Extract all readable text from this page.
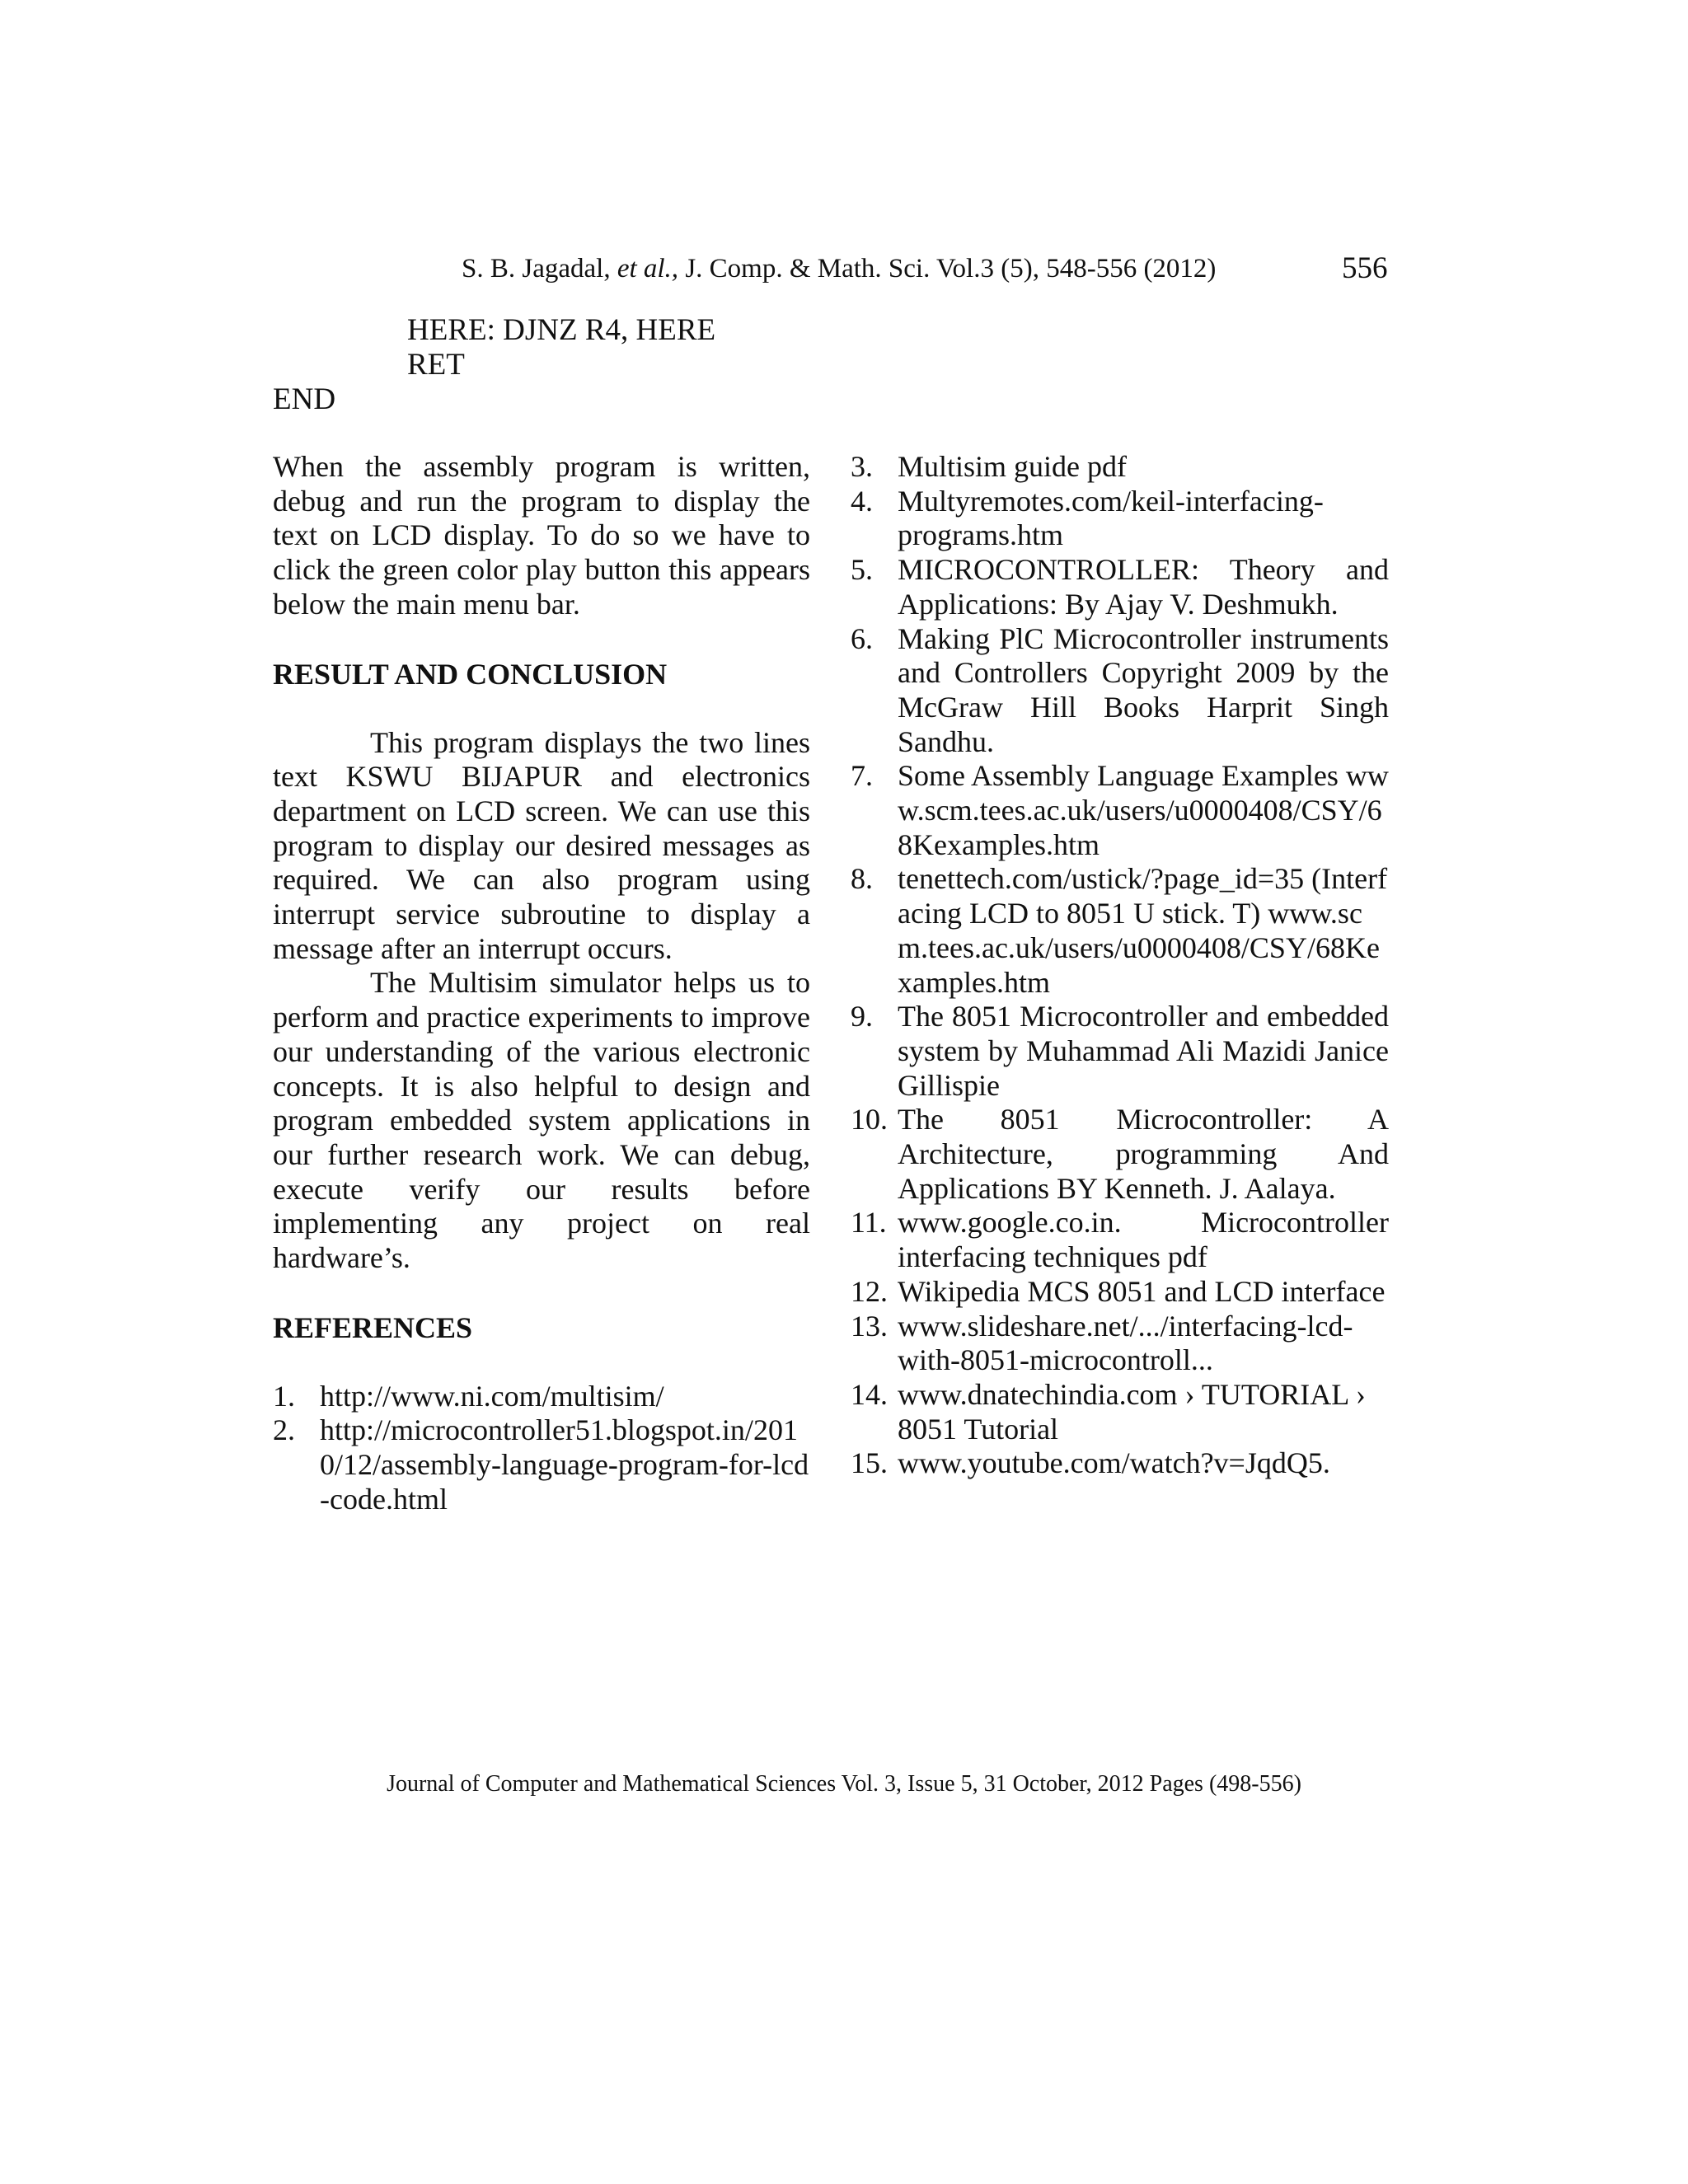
S. B. Jagadal, et al., J. Comp. & Math. Sci. Vol.3 (5), 548-556 (2012)	556
HERE: DJNZ R4, HERE
RET
END

When the assembly program is written, debug and run the program to display the text on LCD display. To do so we have to click the green color play button this appears below the main menu bar.

RESULT AND CONCLUSION

This program displays the two lines text KSWU BIJAPUR and electronics department on LCD screen. We can use this program to display our desired messages as required. We can also program using interrupt service subroutine to display a message after an interrupt occurs.

The Multisim simulator helps us to perform and practice experiments to improve our understanding of the various electronic concepts. It is also helpful to design and program embedded system applications in our further research work. We can debug, execute verify our results before implementing any project on real hardware’s.

REFERENCES
1. http://www.ni.com/multisim/
2. http://microcontroller51.blogspot.in/2010/12/assembly-language-program-for-lcd-code.html
3. Multisim guide pdf
4. Multyremotes.com/keil-interfacing-programs.htm
5. MICROCONTROLLER: Theory and Applications: By Ajay V. Deshmukh.
6. Making PlC Microcontroller instruments and Controllers Copyright 2009 by the McGraw Hill Books Harprit Singh Sandhu.
7. Some Assembly Language Examples www.scm.tees.ac.uk/users/u0000408/CSY/68Kexamples.htm
8. tenettech.com/ustick/?page_id=35 (Interfacing LCD to 8051 U stick. T) www.scm.tees.ac.uk/users/u0000408/CSY/68Kexamples.htm
9. The 8051 Microcontroller and embedded system by Muhammad Ali Mazidi Janice Gillispie
10. The 8051 Microcontroller: A Architecture, programming And Applications BY Kenneth. J. Aalaya.
11. www.google.co.in. Microcontroller interfacing techniques pdf
12. Wikipedia MCS 8051 and LCD interface
13. www.slideshare.net/.../interfacing-lcd-with-8051-microcontroll...
14. www.dnatechindia.com › TUTORIAL › 8051 Tutorial
15. www.youtube.com/watch?v=JqdQ5.
Journal of Computer and Mathematical Sciences Vol. 3, Issue 5, 31 October, 2012 Pages (498-556)
